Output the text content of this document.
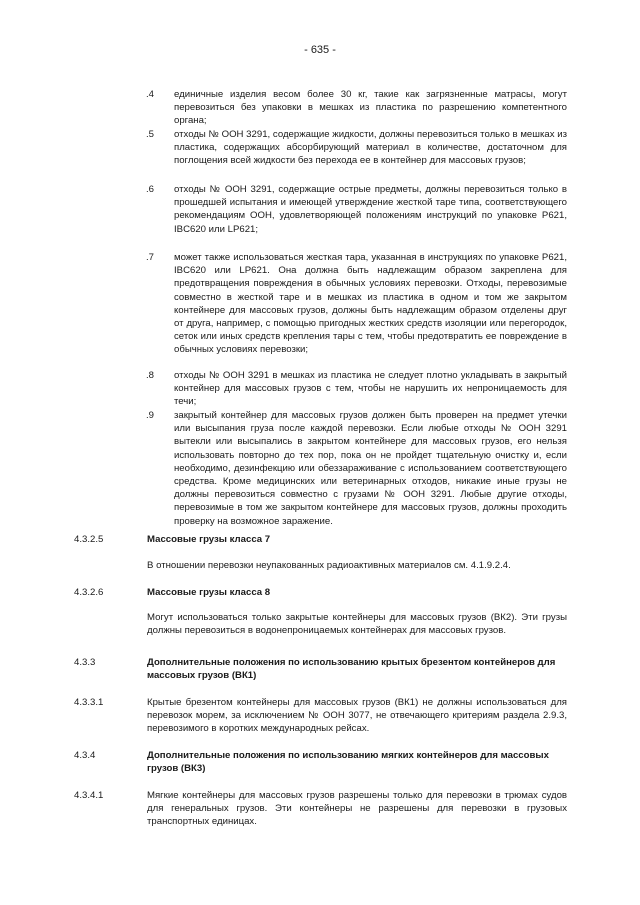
- 635 -
.4 единичные изделия весом более 30 кг, такие как загрязненные матрасы, могут перевозиться без упаковки в мешках из пластика по разрешению компетентного органа;
.5 отходы № ООН 3291, содержащие жидкости, должны перевозиться только в мешках из пластика, содержащих абсорбирующий материал в количестве, достаточном для поглощения всей жидкости без перехода ее в контейнер для массовых грузов;
.6 отходы № ООН 3291, содержащие острые предметы, должны перевозиться только в прошедшей испытания и имеющей утверждение жесткой таре типа, соответствующего рекомендациям ООН, удовлетворяющей положениям инструкций по упаковке P621, IBC620 или LP621;
.7 может также использоваться жесткая тара, указанная в инструкциях по упаковке P621, IBC620 или LP621. Она должна быть надлежащим образом закреплена для предотвращения повреждения в обычных условиях перевозки. Отходы, перевозимые совместно в жесткой таре и в мешках из пластика в одном и том же закрытом контейнере для массовых грузов, должны быть надлежащим образом отделены друг от друга, например, с помощью пригодных жестких средств изоляции или перегородок, сеток или иных средств крепления тары с тем, чтобы предотвратить ее повреждение в обычных условиях перевозки;
.8 отходы № ООН 3291 в мешках из пластика не следует плотно укладывать в закрытый контейнер для массовых грузов с тем, чтобы не нарушить их непроницаемость для течи;
.9 закрытый контейнер для массовых грузов должен быть проверен на предмет утечки или высыпания груза после каждой перевозки. Если любые отходы № ООН 3291 вытекли или высыпались в закрытом контейнере для массовых грузов, его нельзя использовать повторно до тех пор, пока он не пройдет тщательную очистку и, если необходимо, дезинфекцию или обеззараживание с использованием соответствующего средства. Кроме медицинских или ветеринарных отходов, никакие иные грузы не должны перевозиться совместно с грузами № ООН 3291. Любые другие отходы, перевозимые в том же закрытом контейнере для массовых грузов, должны проходить проверку на возможное заражение.
4.3.2.5	Массовые грузы класса 7
В отношении перевозки неупакованных радиоактивных материалов см. 4.1.9.2.4.
4.3.2.6	Массовые грузы класса 8
Могут использоваться только закрытые контейнеры для массовых грузов (ВК2). Эти грузы должны перевозиться в водонепроницаемых контейнерах для массовых грузов.
4.3.3	Дополнительные положения по использованию крытых брезентом контейнеров для массовых грузов (ВК1)
4.3.3.1	Крытые брезентом контейнеры для массовых грузов (ВК1) не должны использоваться для перевозок морем, за исключением № ООН 3077, не отвечающего критериям раздела 2.9.3, перевозимого в коротких международных рейсах.
4.3.4	Дополнительные положения по использованию мягких контейнеров для массовых грузов (ВК3)
4.3.4.1	Мягкие контейнеры для массовых грузов разрешены только для перевозки в трюмах судов для генеральных грузов. Эти контейнеры не разрешены для перевозки в грузовых транспортных единицах.
